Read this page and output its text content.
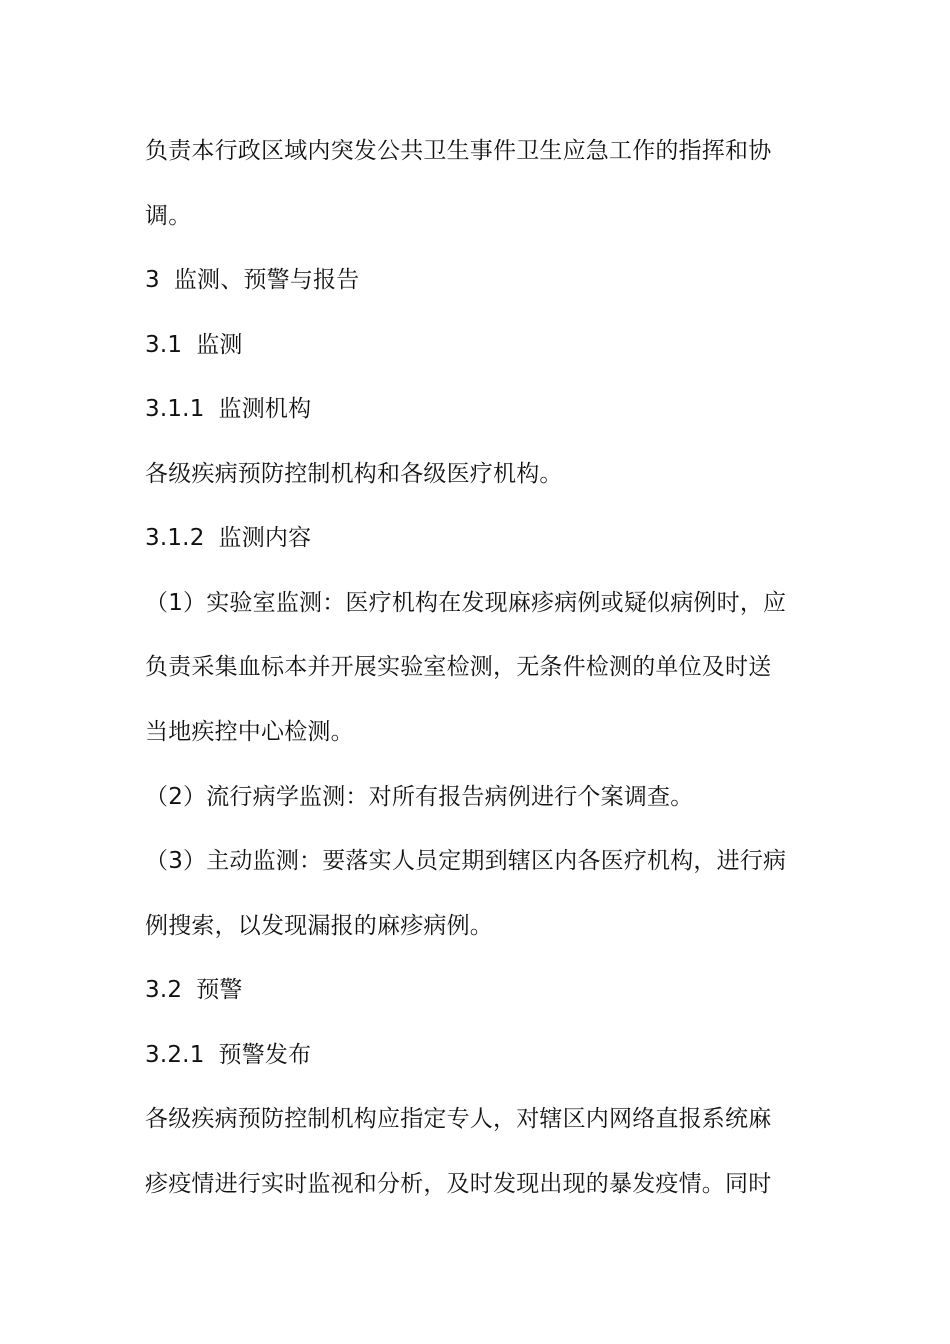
负责本行政区域内突发公共卫生事件卫生应急工作的指挥和协
调。
3 监测、预警与报告
3.1 监测
3.1.1 监测机构
各级疾病预防控制机构和各级医疗机构。
3.1.2 监测内容
（1）实验室监测：医疗机构在发现麻疹病例或疑似病例时，应
负责采集血标本并开展实验室检测，无条件检测的单位及时送
当地疾控中心检测。
（2）流行病学监测：对所有报告病例进行个案调查。
（3）主动监测：要落实人员定期到辖区内各医疗机构，进行病
例搜索，以发现漏报的麻疹病例。
3.2 预警
3.2.1 预警发布
各级疾病预防控制机构应指定专人，对辖区内网络直报系统麻
疹疫情进行实时监视和分析，及时发现出现的暴发疫情。同时
